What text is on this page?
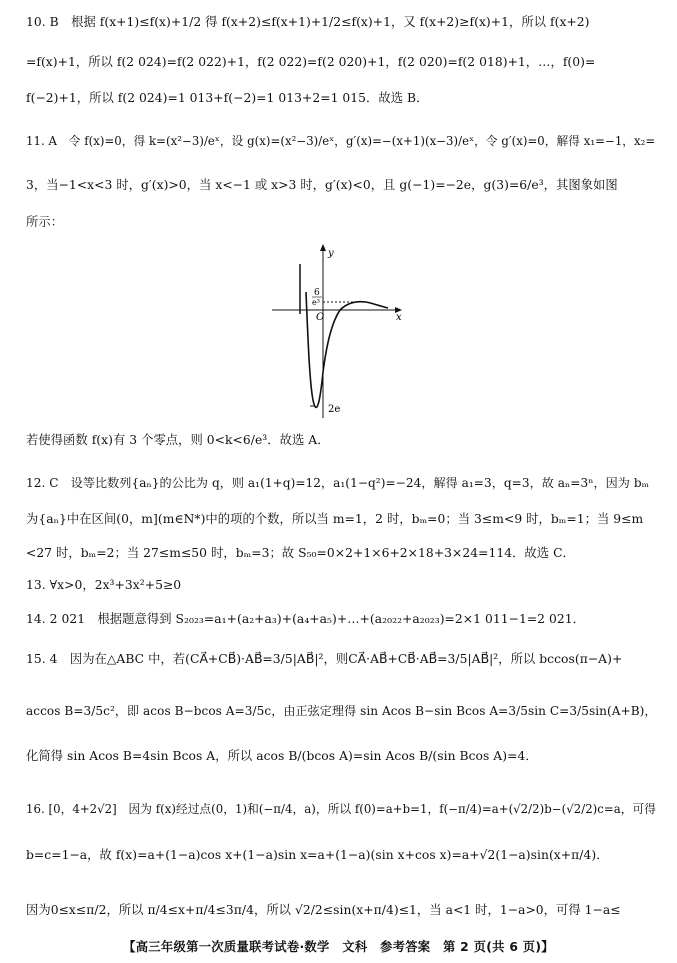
10. B　根据 f(x+1)≤f(x)+1/2 得 f(x+2)≤f(x+1)+1/2≤f(x)+1，又 f(x+2)≥f(x)+1，所以 f(x+2)
=f(x)+1，所以 f(2 024)=f(2 022)+1，f(2 022)=f(2 020)+1，f(2 020)=f(2 018)+1，…，f(0)=
f(−2)+1，所以 f(2 024)=1 013+f(−2)=1 013+2=1 015．故选 B．
11. A　令 f(x)=0，得 k=(x²−3)/eˣ，设 g(x)=(x²−3)/eˣ，g′(x)=−(x+1)(x−3)/eˣ，令 g′(x)=0，解得 x₁=−1，x₂=
3，当−1<x<3 时，g′(x)>0，当 x<−1 或 x>3 时，g′(x)<0，且 g(−1)=−2e，g(3)=6/e³，其图象如图
所示：
y
x
O
6
e³
2e
若使得函数 f(x)有 3 个零点，则 0<k<6/e³．故选 A．
12. C　设等比数列{aₙ}的公比为 q，则 a₁(1+q)=12，a₁(1−q²)=−24，解得 a₁=3，q=3，故 aₙ=3ⁿ，因为 bₘ
为{aₙ}中在区间(0，m](m∈N*)中的项的个数，所以当 m=1，2 时，bₘ=0；当 3≤m<9 时，bₘ=1；当 9≤m
<27 时，bₘ=2；当 27≤m≤50 时，bₘ=3；故 S₅₀=0×2+1×6+2×18+3×24=114．故选 C．
13. ∀x>0，2x³+3x²+5≥0
14. 2 021　根据题意得到 S₂₀₂₃=a₁+(a₂+a₃)+(a₄+a₅)+…+(a₂₀₂₂+a₂₀₂₃)=2×1 011−1=2 021．
15. 4　因为在△ABC 中，若(CA⃗+CB⃗)·AB⃗=3/5|AB⃗|²，则CA⃗·AB⃗+CB⃗·AB⃗=3/5|AB⃗|²，所以 bccos(π−A)+
accos B=3/5c²，即 acos B−bcos A=3/5c，由正弦定理得 sin Acos B−sin Bcos A=3/5sin C=3/5sin(A+B)，
化简得 sin Acos B=4sin Bcos A，所以 acos B/(bcos A)=sin Acos B/(sin Bcos A)=4．
16. [0，4+2√2]　因为 f(x)经过点(0，1)和(−π/4，a)，所以 f(0)=a+b=1，f(−π/4)=a+(√2/2)b−(√2/2)c=a，可得
b=c=1−a，故 f(x)=a+(1−a)cos x+(1−a)sin x=a+(1−a)(sin x+cos x)=a+√2(1−a)sin(x+π/4)．
因为0≤x≤π/2，所以 π/4≤x+π/4≤3π/4，所以 √2/2≤sin(x+π/4)≤1，当 a<1 时，1−a>0，可得 1−a≤
【高三年级第一次质量联考试卷·数学　文科　参考答案　第 2 页(共 6 页)】
